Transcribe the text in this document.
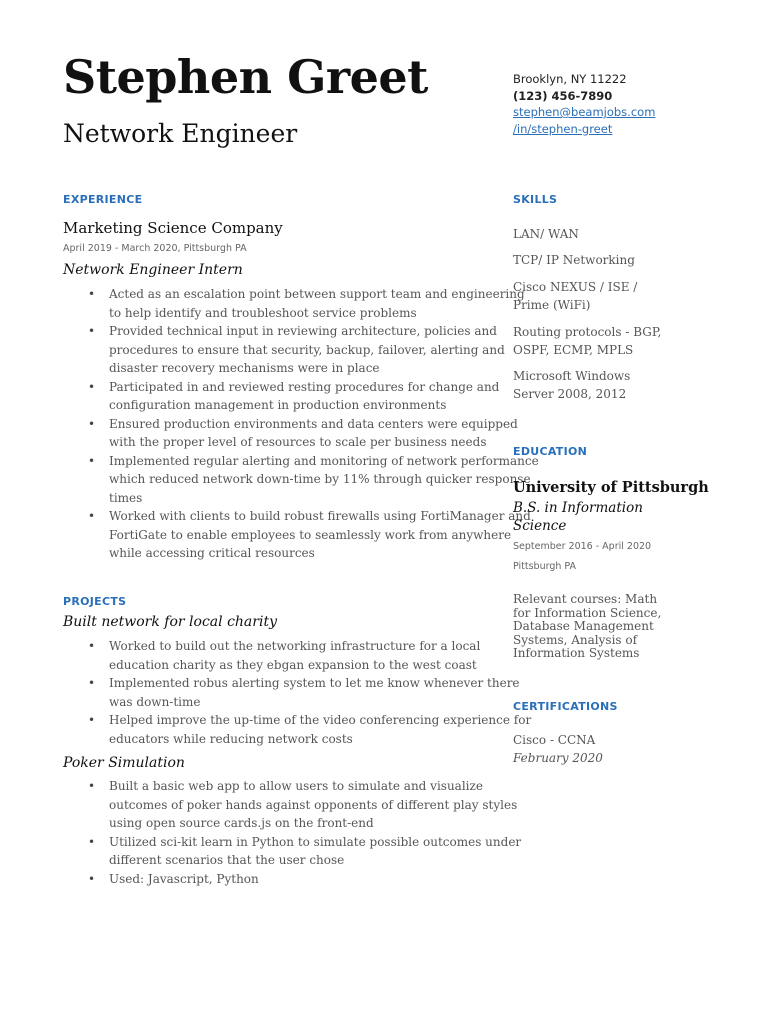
Stephen Greet
Network Engineer
Brooklyn, NY 11222
(123) 456-7890
stephen@beamjobs.com
/in/stephen-greet
EXPERIENCE

Marketing Science Company

April 2019 - March 2020, Pittsburgh PA

Network Engineer Intern

• Acted as an escalation point between support team and engineering to help identify and troubleshoot service problems
• Provided technical input in reviewing architecture, policies and procedures to ensure that security, backup, failover, alerting and disaster recovery mechanisms were in place
• Participated in and reviewed resting procedures for change and configuration management in production environments
• Ensured production environments and data centers were equipped with the proper level of resources to scale per business needs
• Implemented regular alerting and monitoring of network performance which reduced network down-time by 11% through quicker response times
• Worked with clients to build robust firewalls using FortiManager and FortiGate to enable employees to seamlessly work from anywhere while accessing critical resources
PROJECTS

Built network for local charity

• Worked to build out the networking infrastructure for a local education charity as they ebgan expansion to the west coast
• Implemented robus alerting system to let me know whenever there was down-time
• Helped improve the up-time of the video conferencing experience for educators while reducing network costs

Poker Simulation

• Built a basic web app to allow users to simulate and visualize outcomes of poker hands against opponents of different play styles using open source cards.js on the front-end
• Utilized sci-kit learn in Python to simulate possible outcomes under different scenarios that the user chose
• Used: Javascript, Python
SKILLS

LAN/ WAN

TCP/ IP Networking

Cisco NEXUS / ISE / Prime (WiFi)

Routing protocols - BGP, OSPF, ECMP, MPLS

Microsoft Windows Server 2008, 2012

EDUCATION

University of Pittsburgh

B.S. in Information Science

September 2016 - April 2020

Pittsburgh PA

Relevant courses: Math for Information Science, Database Management Systems, Analysis of Information Systems

CERTIFICATIONS

Cisco - CCNA

February 2020
